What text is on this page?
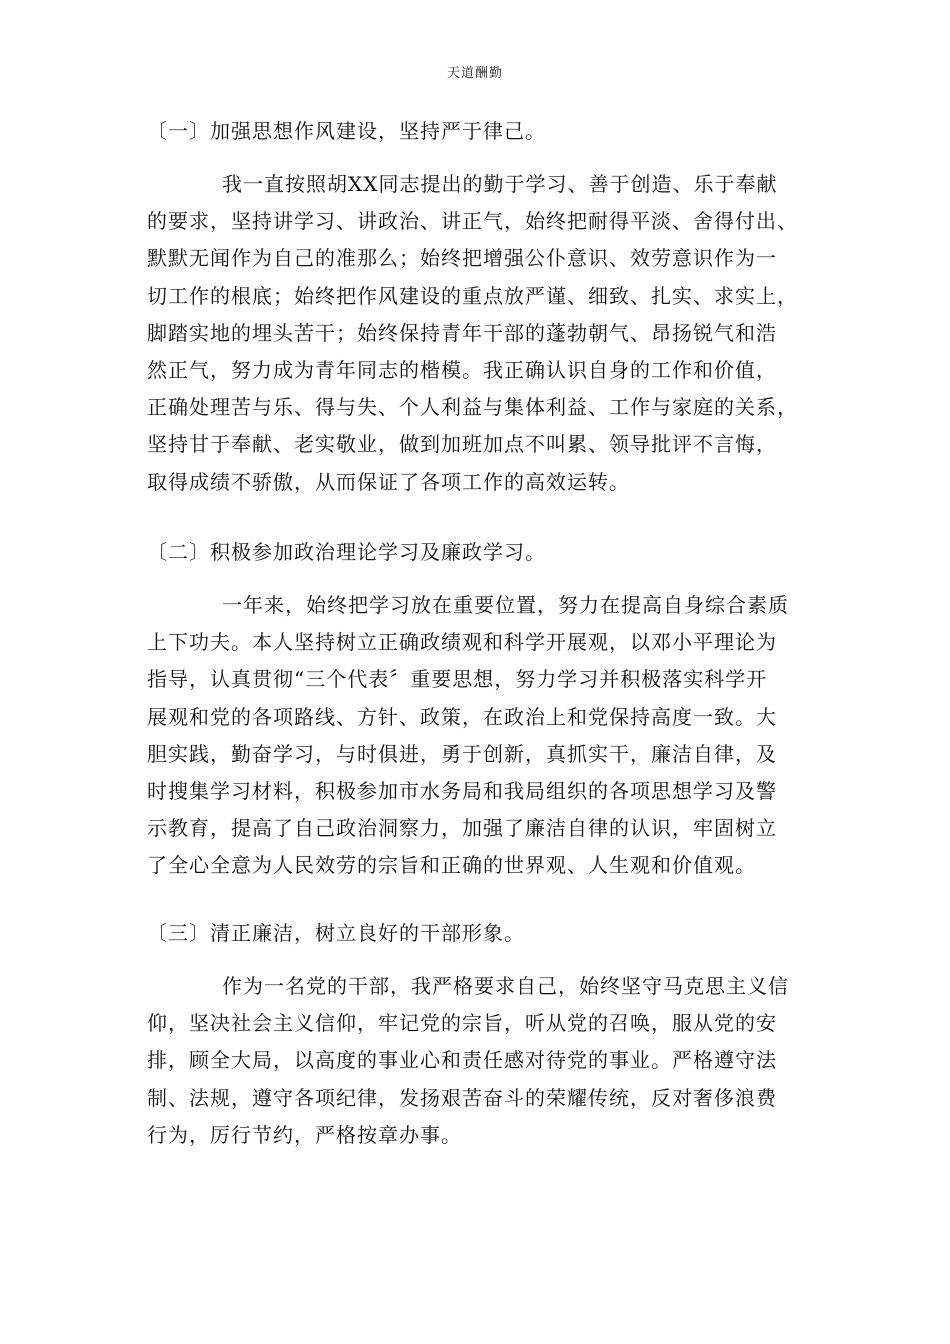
天道酬勤
〔一〕加强思想作风建设，坚持严于律己。
我一直按照胡XX同志提出的勤于学习、善于创造、乐于奉献
的要求，坚持讲学习、讲政治、讲正气，始终把耐得平淡、舍得付出、
默默无闻作为自己的准那么；始终把增强公仆意识、效劳意识作为一
切工作的根底；始终把作风建设的重点放严谨、细致、扎实、求实上，
脚踏实地的埋头苦干；始终保持青年干部的蓬勃朝气、昂扬锐气和浩
然正气，努力成为青年同志的楷模。我正确认识自身的工作和价值，
正确处理苦与乐、得与失、个人利益与集体利益、工作与家庭的关系，
坚持甘于奉献、老实敬业，做到加班加点不叫累、领导批评不言悔，
取得成绩不骄傲，从而保证了各项工作的高效运转。
〔二〕积极参加政治理论学习及廉政学习。
一年来，始终把学习放在重要位置，努力在提高自身综合素质
上下功夫。本人坚持树立正确政绩观和科学开展观，以邓小平理论为
指导，认真贯彻“三个代表〞重要思想，努力学习并积极落实科学开
展观和党的各项路线、方针、政策，在政治上和党保持高度一致。大
胆实践，勤奋学习，与时俱进，勇于创新，真抓实干，廉洁自律，及
时搜集学习材料，积极参加市水务局和我局组织的各项思想学习及警
示教育，提高了自己政治洞察力，加强了廉洁自律的认识，牢固树立
了全心全意为人民效劳的宗旨和正确的世界观、人生观和价值观。
〔三〕清正廉洁，树立良好的干部形象。
作为一名党的干部，我严格要求自己，始终坚守马克思主义信
仰，坚决社会主义信仰，牢记党的宗旨，听从党的召唤，服从党的安
排，顾全大局，以高度的事业心和责任感对待党的事业。严格遵守法
制、法规，遵守各项纪律，发扬艰苦奋斗的荣耀传统，反对奢侈浪费
行为，厉行节约，严格按章办事。
